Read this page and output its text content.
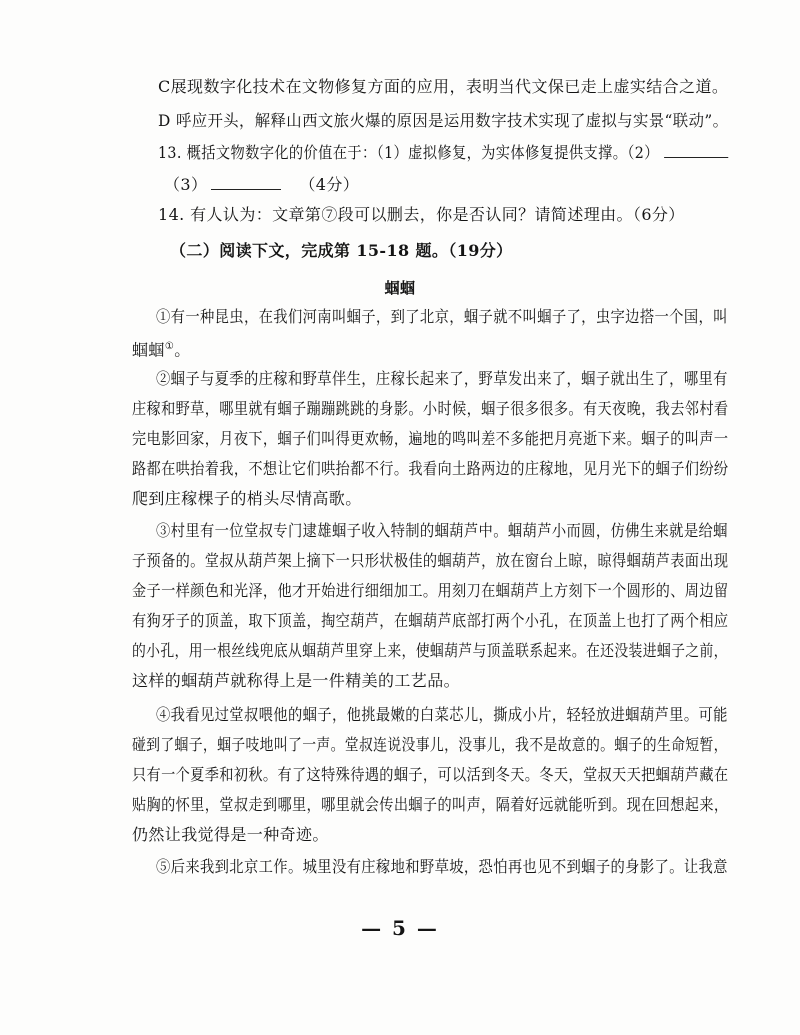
C展现数字化技术在文物修复方面的应用，表明当代文保已走上虚实结合之道。
D 呼应开头，解释山西文旅火爆的原因是运用数字技术实现了虚拟与实景“联动”。
13. 概括文物数字化的价值在于：（1）虚拟修复，为实体修复提供支撑。（2）
（3）	（4分）
14. 有人认为：文章第⑦段可以删去，你是否认同？请简述理由。（6分）
（二）阅读下文，完成第 15-18 题。（19分）
蝈蝈
①有一种昆虫，在我们河南叫蝈子，到了北京，蝈子就不叫蝈子了，虫字边搭一个国，叫
蝈蝈①。
②蝈子与夏季的庄稼和野草伴生，庄稼长起来了，野草发出来了，蝈子就出生了，哪里有
庄稼和野草，哪里就有蝈子蹦蹦跳跳的身影。小时候，蝈子很多很多。有天夜晚，我去邻村看
完电影回家，月夜下，蝈子们叫得更欢畅，遍地的鸣叫差不多能把月亮逝下来。蝈子的叫声一
路都在哄抬着我，不想让它们哄抬都不行。我看向土路两边的庄稼地，见月光下的蝈子们纷纷
爬到庄稼棵子的梢头尽情高歌。
③村里有一位堂叔专门逮雄蝈子收入特制的蝈葫芦中。蝈葫芦小而圆，仿佛生来就是给蝈
子预备的。堂叔从葫芦架上摘下一只形状极佳的蝈葫芦，放在窗台上晾，晾得蝈葫芦表面出现
金子一样颜色和光泽，他才开始进行细细加工。用刻刀在蝈葫芦上方刻下一个圆形的、周边留
有狗牙子的顶盖，取下顶盖，掏空葫芦，在蝈葫芦底部打两个小孔，在顶盖上也打了两个相应
的小孔，用一根丝线兜底从蝈葫芦里穿上来，使蝈葫芦与顶盖联系起来。在还没装进蝈子之前，
这样的蝈葫芦就称得上是一件精美的工艺品。
④我看见过堂叔喂他的蝈子，他挑最嫩的白菜芯儿，撕成小片，轻轻放进蝈葫芦里。可能
碰到了蝈子，蝈子吱地叫了一声。堂叔连说没事儿，没事儿，我不是故意的。蝈子的生命短暂，
只有一个夏季和初秋。有了这特殊待遇的蝈子，可以活到冬天。冬天，堂叔天天把蝈葫芦藏在
贴胸的怀里，堂叔走到哪里，哪里就会传出蝈子的叫声，隔着好远就能听到。现在回想起来，
仍然让我觉得是一种奇迹。
⑤后来我到北京工作。城里没有庄稼地和野草坡，恐怕再也见不到蝈子的身影了。让我意
— 5 —
